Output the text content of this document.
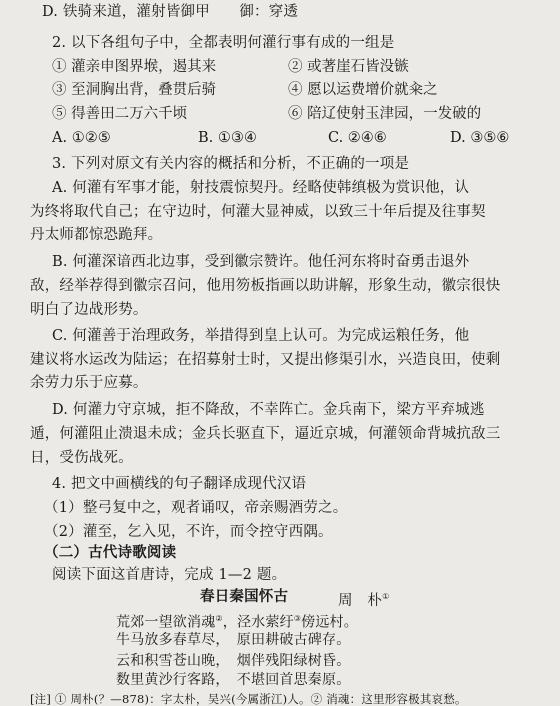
D. 铁骑来道，灌射皆御甲　　御：穿透
2. 以下各组句子中，全都表明何灌行事有成的一组是
① 灌亲申图界堠，遏其来	② 或著崖石皆没镞
③ 至洞胸出背，叠贯后骑	④ 愿以运费增价就籴之
⑤ 得善田二万六千顷	⑥ 陪辽使射玉津园，一发破的
A. ①②⑤	B. ①③④	C. ②④⑥	D. ③⑤⑥
3. 下列对原文有关内容的概括和分析，不正确的一项是
A. 何灌有军事才能，射技震惊契丹。经略使韩缜极为赏识他，认
为终将取代自己；在守边时，何灌大显神威，以致三十年后提及往事契
丹太师都惊恐跪拜。
B. 何灌深谙西北边事，受到徽宗赞许。他任河东将时奋勇击退外
敌，经举荐得到徽宗召问，他用笏板指画以助讲解，形象生动，徽宗很快
明白了边战形势。
C. 何灌善于治理政务，举措得到皇上认可。为完成运粮任务，他
建议将水运改为陆运；在招募射士时，又提出修渠引水，兴造良田，使剩
余劳力乐于应募。
D. 何灌力守京城，拒不降敌，不幸阵亡。金兵南下，梁方平弃城逃
遁，何灌阻止溃退未成；金兵长驱直下，逼近京城，何灌领命背城抗敌三
日，受伤战死。
4. 把文中画横线的句子翻译成现代汉语
（1）整弓复中之，观者诵叹，帝亲赐酒劳之。
（2）灌至，乞入见，不许，而令控守西隅。
（二）古代诗歌阅读
阅读下面这首唐诗，完成 1—2 题。
春日秦国怀古	周　朴①
荒郊一望欲消魂②，泾水萦纡③傍远村。
牛马放多春草尽，　原田耕破古碑存。
云和积雪苍山晚，　烟伴残阳绿树昏。
数里黄沙行客路，　不堪回首思秦原。
[注] ① 周朴(？—878)：字太朴，吴兴(今属浙江)人。② 消魂：这里形容极其哀愁。
